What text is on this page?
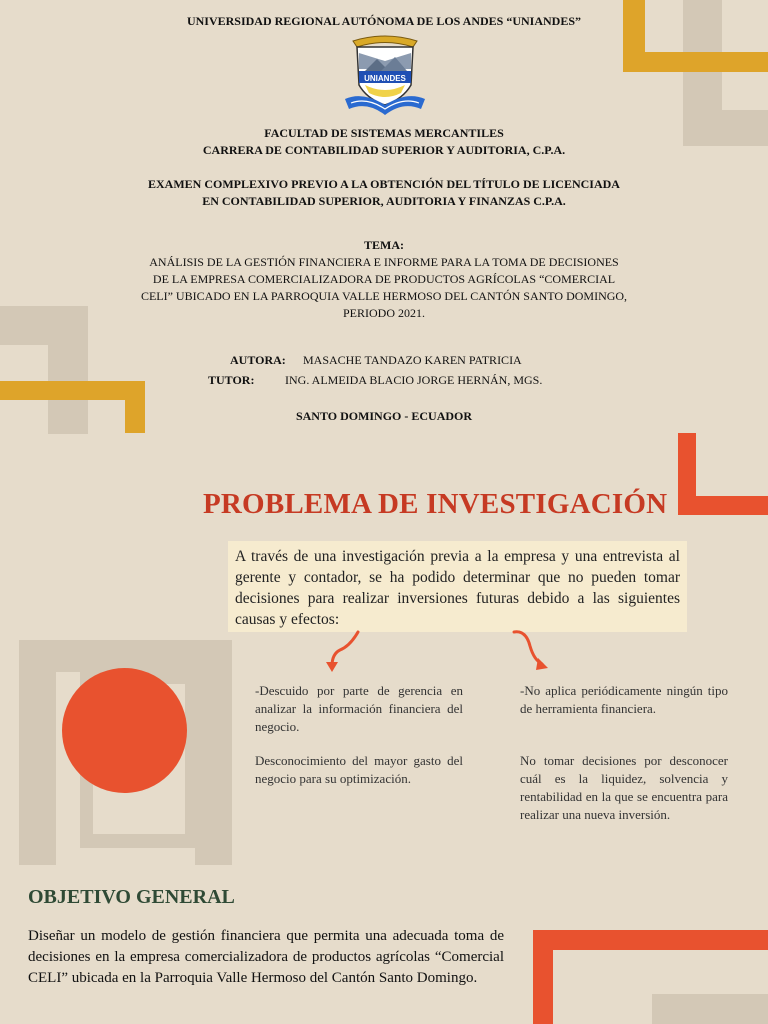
UNIVERSIDAD REGIONAL AUTÓNOMA DE LOS ANDES “UNIANDES”
UNIANDES
FACULTAD DE SISTEMAS MERCANTILES
CARRERA DE CONTABILIDAD SUPERIOR Y AUDITORIA, C.P.A.
EXAMEN COMPLEXIVO PREVIO A LA OBTENCIÓN DEL TÍTULO DE LICENCIADA
EN CONTABILIDAD SUPERIOR, AUDITORIA Y FINANZAS C.P.A.
TEMA:
ANÁLISIS DE LA GESTIÓN FINANCIERA E INFORME PARA LA TOMA DE DECISIONES
DE LA EMPRESA COMERCIALIZADORA DE PRODUCTOS AGRÍCOLAS “COMERCIAL
CELI” UBICADO EN LA PARROQUIA VALLE HERMOSO DEL CANTÓN SANTO DOMINGO,
PERIODO 2021.
AUTORA: MASACHE TANDAZO KAREN PATRICIA
TUTOR:	ING. ALMEIDA BLACIO JORGE HERNÁN, MGS.
SANTO DOMINGO - ECUADOR
PROBLEMA DE INVESTIGACIÓN
A través de una investigación previa a la empresa y una entrevista al gerente y contador, se ha podido determinar que no pueden tomar decisiones para realizar inversiones futuras debido a las siguientes causas y efectos:
-Descuido por parte de gerencia en analizar la información financiera del negocio.
Desconocimiento del mayor gasto del negocio para su optimización.
-No aplica periódicamente ningún tipo de herramienta financiera.
No tomar decisiones por desconocer cuál es la liquidez, solvencia y rentabilidad en la que se encuentra para realizar una nueva inversión.
OBJETIVO GENERAL
Diseñar un modelo de gestión financiera que permita una adecuada toma de decisiones en la empresa comercializadora de productos agrícolas “Comercial CELI” ubicada en la Parroquia Valle Hermoso del Cantón Santo Domingo.
